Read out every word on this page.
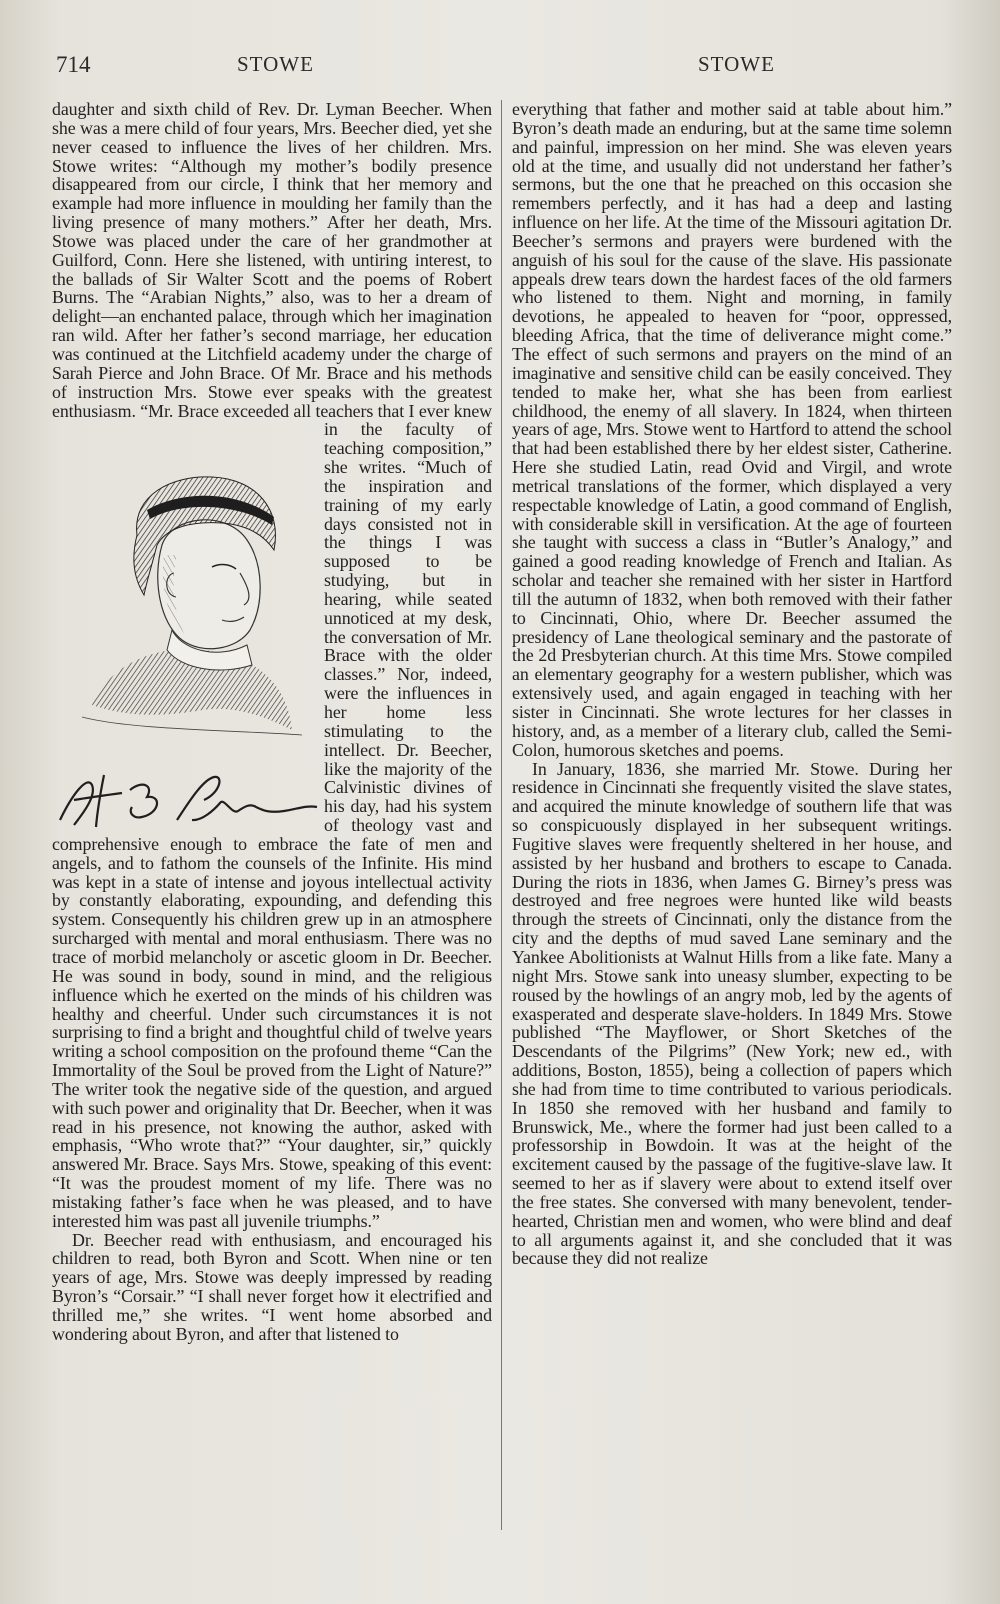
714	STOWE	STOWE

daughter and sixth child of Rev. Dr. Lyman Beecher. When she was a mere child of four years, Mrs. Beecher died, yet she never ceased to influence the lives of her children. Mrs. Stowe writes: “Although my mother’s bodily presence disappeared from our circle, I think that her memory and example had more influence in moulding her family than the living presence of many mothers.” After her death, Mrs. Stowe was placed under the care of her grandmother at Guilford, Conn. Here she listened, with untiring interest, to the ballads of Sir Walter Scott and the poems of Robert Burns. The “Arabian Nights,” also, was to her a dream of delight—an enchanted palace, through which her imagination ran wild. After her father’s second marriage, her education was continued at the Litchfield academy under the charge of Sarah Pierce and John Brace. Of Mr. Brace and his methods of instruction Mrs. Stowe ever speaks with the greatest enthusiasm. “Mr. Brace exceeded all teachers that I ever knew in the faculty of teaching composition,” she writes. “Much of the inspiration and training of my early days consisted not in the things I was supposed to be studying, but in hearing, while seated unnoticed at my desk, the conversation of Mr. Brace with the older classes.” Nor, indeed, were the influences in her home less stimulating to the intellect. Dr. Beecher, like the majority of the Calvinistic divines of his day, had his system of theology vast and comprehensive enough to embrace the fate of men and angels, and to fathom the counsels of the Infinite. His mind was kept in a state of intense and joyous intellectual activity by constantly elaborating, expounding, and defending this system. Consequently his children grew up in an atmosphere surcharged with mental and moral enthusiasm. There was no trace of morbid melancholy or ascetic gloom in Dr. Beecher. He was sound in body, sound in mind, and the religious influence which he exerted on the minds of his children was healthy and cheerful. Under such circumstances it is not surprising to find a bright and thoughtful child of twelve years writing a school composition on the profound theme “Can the Immortality of the Soul be proved from the Light of Nature?” The writer took the negative side of the question, and argued with such power and originality that Dr. Beecher, when it was read in his presence, not knowing the author, asked with emphasis, “Who wrote that?” “Your daughter, sir,” quickly answered Mr. Brace. Says Mrs. Stowe, speaking of this event: “It was the proudest moment of my life. There was no mistaking father’s face when he was pleased, and to have interested him was past all juvenile triumphs.”

Dr. Beecher read with enthusiasm, and encouraged his children to read, both Byron and Scott. When nine or ten years of age, Mrs. Stowe was deeply impressed by reading Byron’s “Corsair.” “I shall never forget how it electrified and thrilled me,” she writes. “I went home absorbed and wondering about Byron, and after that listened to

everything that father and mother said at table about him.” Byron’s death made an enduring, but at the same time solemn and painful, impression on her mind. She was eleven years old at the time, and usually did not understand her father’s sermons, but the one that he preached on this occasion she remembers perfectly, and it has had a deep and lasting influence on her life. At the time of the Missouri agitation Dr. Beecher’s sermons and prayers were burdened with the anguish of his soul for the cause of the slave. His passionate appeals drew tears down the hardest faces of the old farmers who listened to them. Night and morning, in family devotions, he appealed to heaven for “poor, oppressed, bleeding Africa, that the time of deliverance might come.” The effect of such sermons and prayers on the mind of an imaginative and sensitive child can be easily conceived. They tended to make her, what she has been from earliest childhood, the enemy of all slavery. In 1824, when thirteen years of age, Mrs. Stowe went to Hartford to attend the school that had been established there by her eldest sister, Catherine. Here she studied Latin, read Ovid and Virgil, and wrote metrical translations of the former, which displayed a very respectable knowledge of Latin, a good command of English, with considerable skill in versification. At the age of fourteen she taught with success a class in “Butler’s Analogy,” and gained a good reading knowledge of French and Italian. As scholar and teacher she remained with her sister in Hartford till the autumn of 1832, when both removed with their father to Cincinnati, Ohio, where Dr. Beecher assumed the presidency of Lane theological seminary and the pastorate of the 2d Presbyterian church. At this time Mrs. Stowe compiled an elementary geography for a western publisher, which was extensively used, and again engaged in teaching with her sister in Cincinnati. She wrote lectures for her classes in history, and, as a member of a literary club, called the Semi-Colon, humorous sketches and poems.

In January, 1836, she married Mr. Stowe. During her residence in Cincinnati she frequently visited the slave states, and acquired the minute knowledge of southern life that was so conspicuously displayed in her subsequent writings. Fugitive slaves were frequently sheltered in her house, and assisted by her husband and brothers to escape to Canada. During the riots in 1836, when James G. Birney’s press was destroyed and free negroes were hunted like wild beasts through the streets of Cincinnati, only the distance from the city and the depths of mud saved Lane seminary and the Yankee Abolitionists at Walnut Hills from a like fate. Many a night Mrs. Stowe sank into uneasy slumber, expecting to be roused by the howlings of an angry mob, led by the agents of exasperated and desperate slave-holders. In 1849 Mrs. Stowe published “The Mayflower, or Short Sketches of the Descendants of the Pilgrims” (New York; new ed., with additions, Boston, 1855), being a collection of papers which she had from time to time contributed to various periodicals. In 1850 she removed with her husband and family to Brunswick, Me., where the former had just been called to a professorship in Bowdoin. It was at the height of the excitement caused by the passage of the fugitive-slave law. It seemed to her as if slavery were about to extend itself over the free states. She conversed with many benevolent, tender-hearted, Christian men and women, who were blind and deaf to all arguments against it, and she concluded that it was because they did not realize
